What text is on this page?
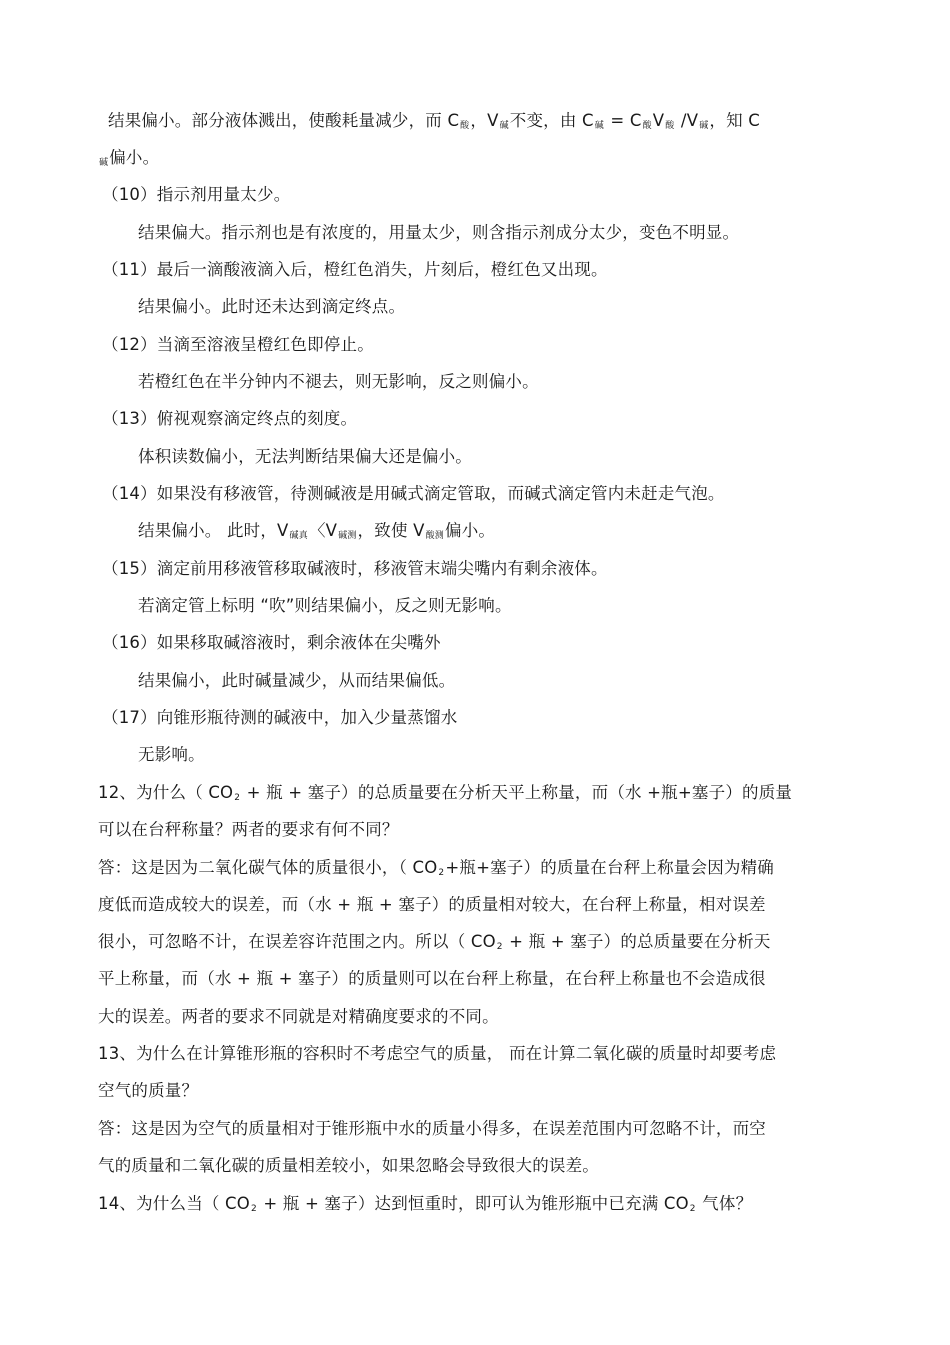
结果偏小。部分液体溅出，使酸耗量减少，而 $C_酸$，$V_碱$不变，由 $C_碱 = C_酸V_酸$ $/V_碱$，知 C
$_碱$偏小。
（10）指示剂用量太少。
结果偏大。指示剂也是有浓度的，用量太少，则含指示剂成分太少，变色不明显。
（11）最后一滴酸液滴入后，橙红色消失，片刻后，橙红色又出现。
结果偏小。此时还未达到滴定终点。
（12）当滴至溶液呈橙红色即停止。
若橙红色在半分钟内不褪去，则无影响，反之则偏小。
（13）俯视观察滴定终点的刻度。
体积读数偏小，无法判断结果偏大还是偏小。
（14）如果没有移液管，待测碱液是用碱式滴定管取，而碱式滴定管内未赶走气泡。
结果偏小。 此时，$V_{碱真}$〈$V_{碱测}$，致使 $V_{酸测}$偏小。
（15）滴定前用移液管移取碱液时，移液管末端尖嘴内有剩余液体。
若滴定管上标明 “吹”则结果偏小，反之则无影响。
（16）如果移取碱溶液时，剩余液体在尖嘴外
结果偏小，此时碱量减少，从而结果偏低。
（17）向锥形瓶待测的碱液中，加入少量蒸馏水
无影响。
12、为什么（ $CO_2$ + 瓶 + 塞子）的总质量要在分析天平上称量，而（水 +瓶+塞子）的质量
可以在台秤称量？两者的要求有何不同？
答：这是因为二氧化碳气体的质量很小，（ $CO_2+$瓶+塞子）的质量在台秤上称量会因为精确
度低而造成较大的误差，而（水 + 瓶 + 塞子）的质量相对较大，在台秤上称量，相对误差
很小，可忽略不计，在误差容许范围之内。所以（ $CO_2$ + 瓶 + 塞子）的总质量要在分析天
平上称量，而（水 + 瓶 + 塞子）的质量则可以在台秤上称量，在台秤上称量也不会造成很
大的误差。两者的要求不同就是对精确度要求的不同。
13、为什么在计算锥形瓶的容积时不考虑空气的质量， 而在计算二氧化碳的质量时却要考虑
空气的质量？
答：这是因为空气的质量相对于锥形瓶中水的质量小得多，在误差范围内可忽略不计，而空
气的质量和二氧化碳的质量相差较小，如果忽略会导致很大的误差。
14、为什么当（ $CO_2$ + 瓶 + 塞子）达到恒重时，即可认为锥形瓶中已充满 $CO_2$ 气体？
